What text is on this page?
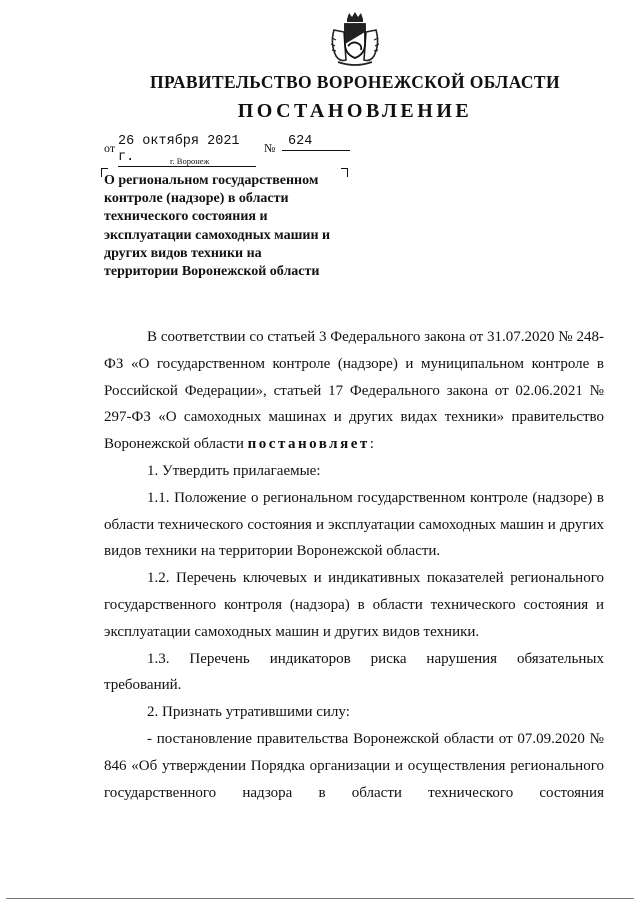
ПРАВИТЕЛЬСТВО ВОРОНЕЖСКОЙ ОБЛАСТИ
ПОСТАНОВЛЕНИЕ
от 26 октября 2021 г.
№ 624
г. Воронеж
О региональном государственном
контроле (надзоре) в области
технического состояния и
эксплуатации самоходных машин и
других видов техники на
территории Воронежской области

В соответствии со статьей 3 Федерального закона от 31.07.2020 № 248-ФЗ «О государственном контроле (надзоре) и муниципальном контроле в Российской Федерации», статьей 17 Федерального закона от 02.06.2021 № 297-ФЗ «О самоходных машинах и других видах техники» правительство Воронежской области постановляет:

1. Утвердить прилагаемые:

1.1. Положение о региональном государственном контроле (надзоре) в области технического состояния и эксплуатации самоходных машин и других видов техники на территории Воронежской области.

1.2. Перечень ключевых и индикативных показателей регионального государственного контроля (надзора) в области технического состояния и эксплуатации самоходных машин и других видов техники.

1.3. Перечень индикаторов риска нарушения обязательных требований.

2. Признать утратившими силу:

- постановление правительства Воронежской области от 07.09.2020 № 846 «Об утверждении Порядка организации и осуществления регионального государственного надзора в области технического состояния
